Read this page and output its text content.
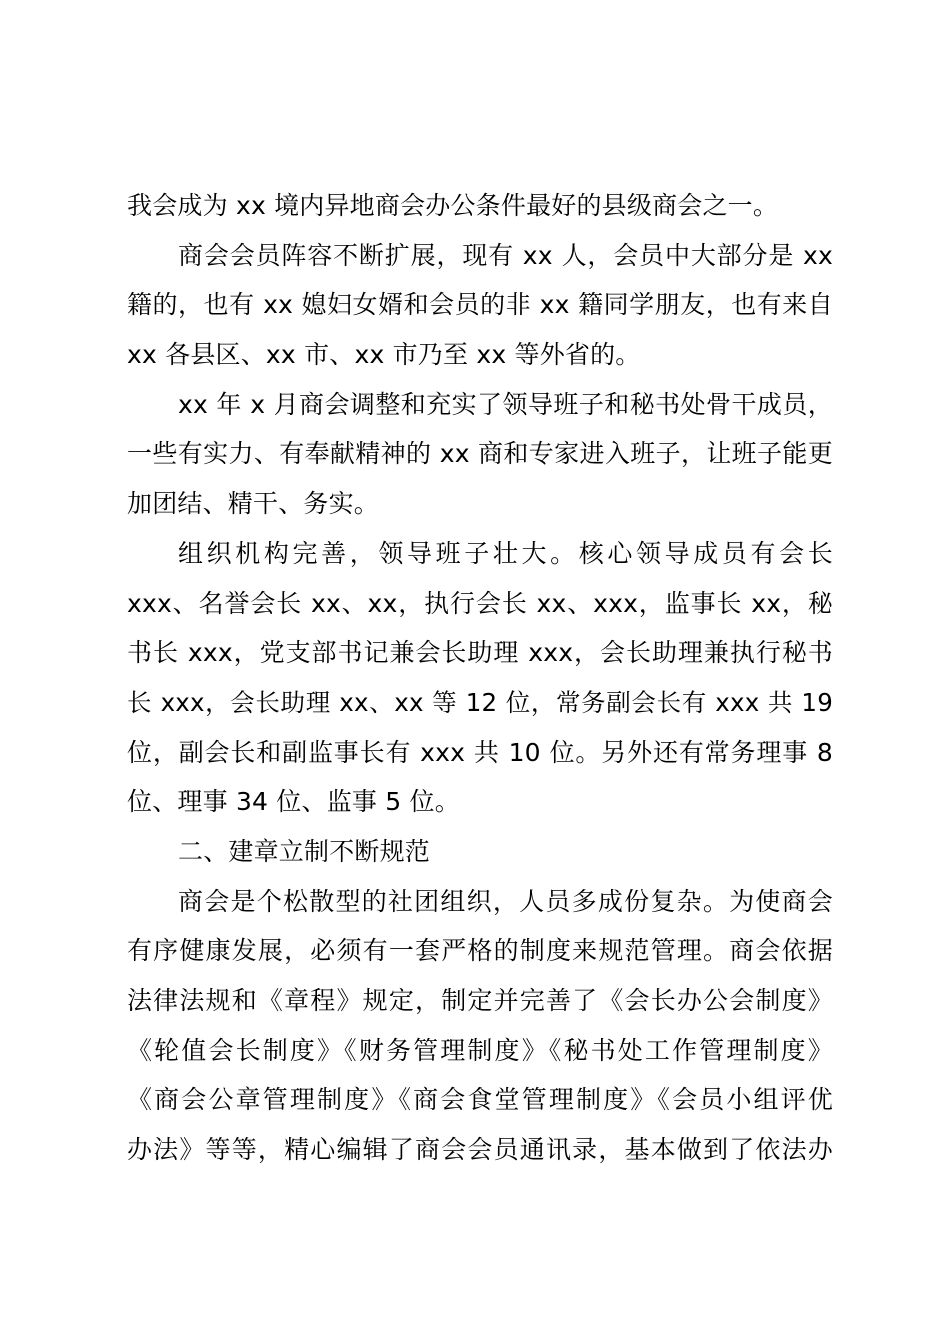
我会成为 xx 境内异地商会办公条件最好的县级商会之一。
商会会员阵容不断扩展，现有 xx 人，会员中大部分是 xx
籍的，也有 xx 媳妇女婿和会员的非 xx 籍同学朋友，也有来自
xx 各县区、xx 市、xx 市乃至 xx 等外省的。
xx 年 x 月商会调整和充实了领导班子和秘书处骨干成员，
一些有实力、有奉献精神的 xx 商和专家进入班子，让班子能更
加团结、精干、务实。
组织机构完善，领导班子壮大。核心领导成员有会长
xxx、名誉会长 xx、xx，执行会长 xx、xxx，监事长 xx，秘
书长 xxx，党支部书记兼会长助理 xxx，会长助理兼执行秘书
长 xxx，会长助理 xx、xx 等 12 位，常务副会长有 xxx 共 19
位，副会长和副监事长有 xxx 共 10 位。另外还有常务理事 8
位、理事 34 位、监事 5 位。
二、建章立制不断规范
商会是个松散型的社团组织，人员多成份复杂。为使商会
有序健康发展，必须有一套严格的制度来规范管理。商会依据
法律法规和《章程》规定，制定并完善了《会长办公会制度》
《轮值会长制度》《财务管理制度》《秘书处工作管理制度》
《商会公章管理制度》《商会食堂管理制度》《会员小组评优
办法》等等，精心编辑了商会会员通讯录，基本做到了依法办
